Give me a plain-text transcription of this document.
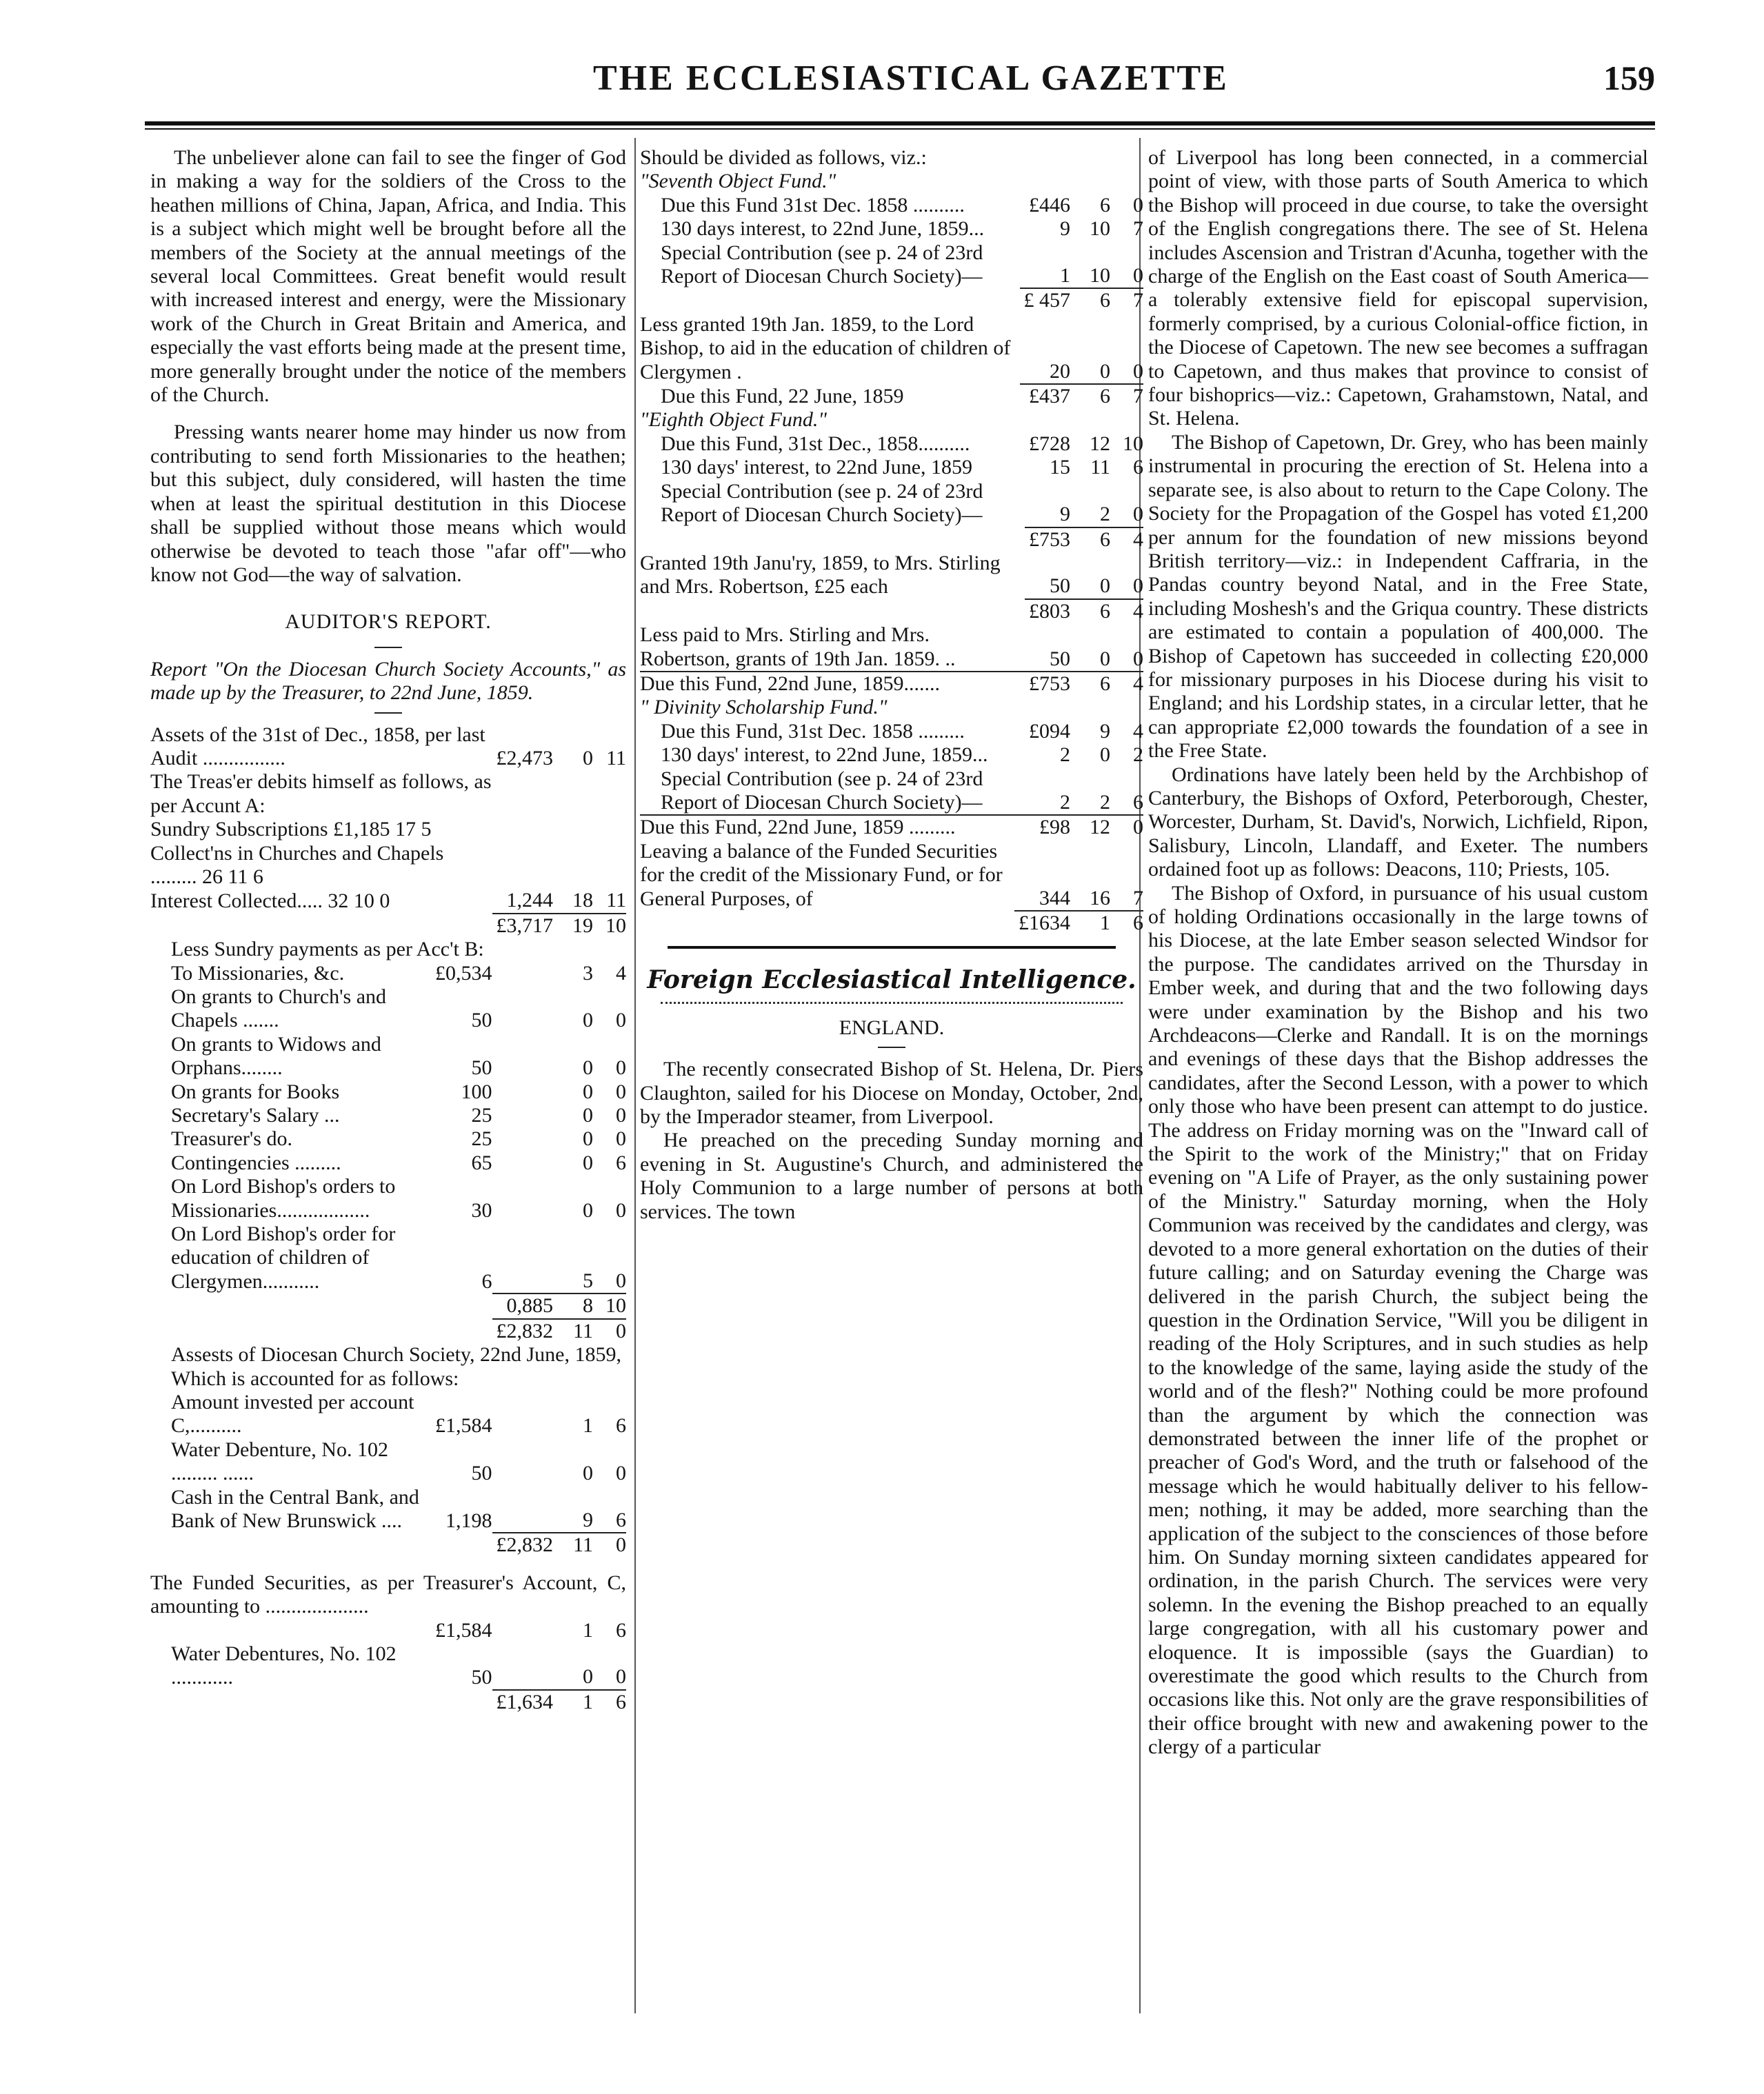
THE ECCLESIASTICAL GAZETTE	159

The unbeliever alone can fail to see the finger of God in making a way for the soldiers of the Cross to the heathen millions of China, Japan, Africa, and India. This is a subject which might well be brought before all the members of the Society at the annual meetings of the several local Committees. Great benefit would result with increased interest and energy, were the Missionary work of the Church in Great Britain and America, and especially the vast efforts being made at the present time, more generally brought under the notice of the members of the Church.

Pressing wants nearer home may hinder us now from contributing to send forth Missionaries to the heathen; but this subject, duly considered, will hasten the time when at least the spiritual destitution in this Diocese shall be supplied without those means which would otherwise be devoted to teach those "afar off"—who know not God—the way of salvation.

AUDITOR'S REPORT.

Report "On the Diocesan Church Society Accounts," as made up by the Treasurer, to 22nd June, 1859.

Assets of the 31st of Dec., 1858, per last Audit ................	£2,473	0	11
The Treas'er debits himself as follows, as per Accunt A:			
Sundry Subscriptions £1,185 17 5			
Collect'ns in Churches and Chapels ......... 26 11 6			
Interest Collected..... 32 10 0	1,244	18	11
	£3,717	19	10

Less Sundry payments as per Acc't B:

To Missionaries, &c.	£0,534		3	4
On grants to Church's and Chapels .......	50		0	0
On grants to Widows and Orphans........	50		0	0
On grants for Books	100		0	0
Secretary's Salary ...	25		0	0
Treasurer's do.	25		0	0
Contingencies .........	65		0	6
On Lord Bishop's orders to Missionaries..................	30		0	0
On Lord Bishop's order for education of children of Clergymen...........	6		5	0
		0,885	8	10
		£2,832	11	0

Assests of Diocesan Church Society, 22nd June, 1859,

Which is accounted for as follows:

Amount invested per account C,..........	£1,584		1	6
Water Debenture, No. 102 ......... ......	50		0	0
Cash in the Central Bank, and Bank of New Brunswick ....	1,198		9	6
		£2,832	11	0

The Funded Securities, as per Treasurer's Account, C, amounting to ....................

	£1,584		1	6
Water Debentures, No. 102 ............	50		0	0
		£1,634	1	6

Should be divided as follows, viz.:

"Seventh Object Fund."

Due this Fund 31st Dec. 1858 ..........	£446	6	0
130 days interest, to 22nd June, 1859...	9	10	7
Special Contribution (see p. 24 of 23rd Report of Diocesan Church Society)—	1	10	0
	£ 457	6	7
Less granted 19th Jan. 1859, to the Lord Bishop, to aid in the education of children of Clergymen .	20	0	0
Due this Fund, 22 June, 1859	£437	6	7

"Eighth Object Fund."

Due this Fund, 31st Dec., 1858..........	£728	12	10
130 days' interest, to 22nd June, 1859	15	11	6
Special Contribution (see p. 24 of 23rd Report of Diocesan Church Society)—	9	2	0
	£753	6	4
Granted 19th Janu'ry, 1859, to Mrs. Stirling and Mrs. Robertson, £25 each	50	0	0
	£803	6	4
Less paid to Mrs. Stirling and Mrs. Robertson, grants of 19th Jan. 1859. ..	50	0	0
Due this Fund, 22nd June, 1859.......	£753	6	4

" Divinity Scholarship Fund."

Due this Fund, 31st Dec. 1858 .........	£094	9	4
130 days' interest, to 22nd June, 1859...	2	0	2
Special Contribution (see p. 24 of 23rd Report of Diocesan Church Society)—	2	2	6
Due this Fund, 22nd June, 1859 .........	£98	12	0
Leaving a balance of the Funded Securities for the credit of the Missionary Fund, or for General Purposes, of	344	16	7
	£1634	1	6
Foreign Ecclesiastical Intelligence.
ENGLAND.

The recently consecrated Bishop of St. Helena, Dr. Piers Claughton, sailed for his Diocese on Monday, October, 2nd, by the Imperador steamer, from Liverpool.

He preached on the preceding Sunday morning and evening in St. Augustine's Church, and administered the Holy Communion to a large number of persons at both services. The town

of Liverpool has long been connected, in a commercial point of view, with those parts of South America to which the Bishop will proceed in due course, to take the oversight of the English congregations there. The see of St. Helena includes Ascension and Tristran d'Acunha, together with the charge of the English on the East coast of South America—a tolerably extensive field for episcopal supervision, formerly comprised, by a curious Colonial-office fiction, in the Diocese of Capetown. The new see becomes a suffragan to Capetown, and thus makes that province to consist of four bishoprics—viz.: Capetown, Grahamstown, Natal, and St. Helena.

The Bishop of Capetown, Dr. Grey, who has been mainly instrumental in procuring the erection of St. Helena into a separate see, is also about to return to the Cape Colony. The Society for the Propagation of the Gospel has voted £1,200 per annum for the foundation of new missions beyond British territory—viz.: in Independent Caffraria, in the Pandas country beyond Natal, and in the Free State, including Moshesh's and the Griqua country. These districts are estimated to contain a population of 400,000. The Bishop of Capetown has succeeded in collecting £20,000 for missionary purposes in his Diocese during his visit to England; and his Lordship states, in a circular letter, that he can appropriate £2,000 towards the foundation of a see in the Free State.

Ordinations have lately been held by the Archbishop of Canterbury, the Bishops of Oxford, Peterborough, Chester, Worcester, Durham, St. David's, Norwich, Lichfield, Ripon, Salisbury, Lincoln, Llandaff, and Exeter. The numbers ordained foot up as follows: Deacons, 110; Priests, 105.

The Bishop of Oxford, in pursuance of his usual custom of holding Ordinations occasionally in the large towns of his Diocese, at the late Ember season selected Windsor for the purpose. The candidates arrived on the Thursday in Ember week, and during that and the two following days were under examination by the Bishop and his two Archdeacons—Clerke and Randall. It is on the mornings and evenings of these days that the Bishop addresses the candidates, after the Second Lesson, with a power to which only those who have been present can attempt to do justice. The address on Friday morning was on the "Inward call of the Spirit to the work of the Ministry;" that on Friday evening on "A Life of Prayer, as the only sustaining power of the Ministry." Saturday morning, when the Holy Communion was received by the candidates and clergy, was devoted to a more general exhortation on the duties of their future calling; and on Saturday evening the Charge was delivered in the parish Church, the subject being the question in the Ordination Service, "Will you be diligent in reading of the Holy Scriptures, and in such studies as help to the knowledge of the same, laying aside the study of the world and of the flesh?" Nothing could be more profound than the argument by which the connection was demonstrated between the inner life of the prophet or preacher of God's Word, and the truth or falsehood of the message which he would habitually deliver to his fellow-men; nothing, it may be added, more searching than the application of the subject to the consciences of those before him. On Sunday morning sixteen candidates appeared for ordination, in the parish Church. The services were very solemn. In the evening the Bishop preached to an equally large congregation, with all his customary power and eloquence. It is impossible (says the Guardian) to overestimate the good which results to the Church from occasions like this. Not only are the grave responsibilities of their office brought with new and awakening power to the clergy of a particular
